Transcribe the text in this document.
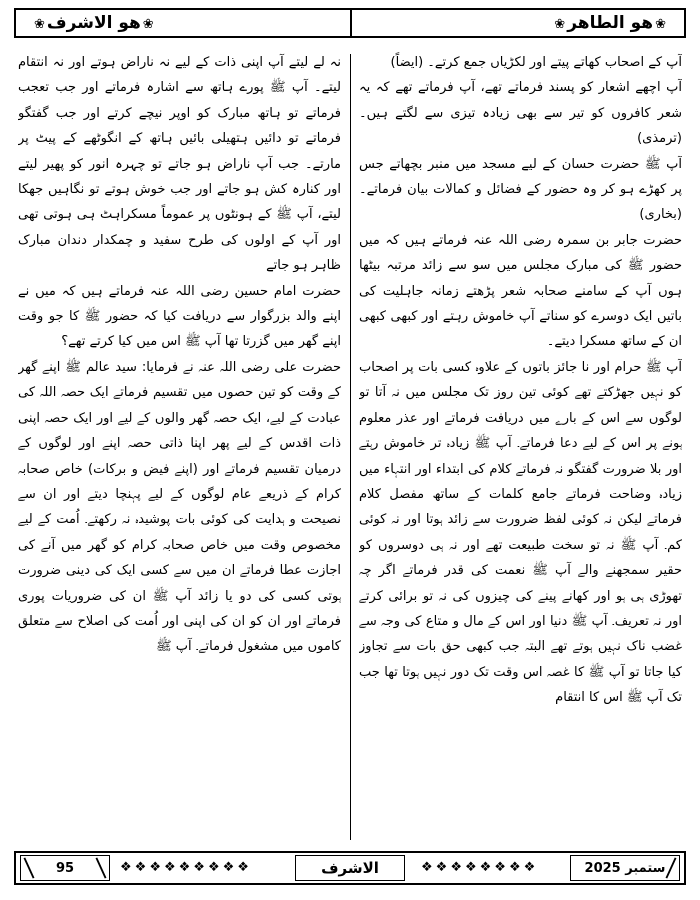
❀هو الطاهر❀
❀هو الاشرف❀

آپ کے اصحاب کھاتے پیتے اور لکڑیاں جمع کرتے۔ (ایضاً)

آپ اچھے اشعار کو پسند فرماتے تھے، آپ فرماتے تھے کہ یہ شعر کافروں کو تیر سے بھی زیادہ تیزی سے لگتے ہیں۔ (ترمذی)

آپ ﷺ حضرت حسان کے لیے مسجد میں منبر بچھاتے جس پر کھڑے ہو کر وہ حضور کے فضائل و کمالات بیان فرماتے۔ (بخاری)

حضرت جابر بن سمرہ رضی اللہ عنہ فرماتے ہیں کہ میں حضور ﷺ کی مبارک مجلس میں سو سے زائد مرتبہ بیٹھا ہوں آپ کے سامنے صحابہ شعر پڑھتے زمانہ جاہلیت کی باتیں ایک دوسرے کو سناتے آپ خاموش رہتے اور کبھی کبھی ان کے ساتھ مسکرا دیتے۔

آپ ﷺ حرام اور نا جائز باتوں کے علاوہ کسی بات پر اصحاب کو نہیں جھڑکتے تھے کوئی تین روز تک مجلس میں نہ آتا تو لوگوں سے اس کے بارے میں دریافت فرماتے اور عذر معلوم ہونے پر اس کے لیے دعا فرماتے۔ آپ ﷺ زیادہ تر خاموش رہتے اور بلا ضرورت گفتگو نہ فرماتے کلام کی ابتداء اور انتہاء میں زیادہ وضاحت فرماتے جامع کلمات کے ساتھ مفصل کلام فرماتے لیکن نہ کوئی لفظ ضرورت سے زائد ہوتا اور نہ کوئی کم۔ آپ ﷺ نہ تو سخت طبیعت تھے اور نہ ہی دوسروں کو حقیر سمجھنے والے آپ ﷺ نعمت کی قدر فرماتے اگر چہ تھوڑی ہی ہو اور کھانے پینے کی چیزوں کی نہ تو برائی کرتے اور نہ تعریف۔ آپ ﷺ دنیا اور اس کے مال و متاع کی وجہ سے غضب ناک نہیں ہوتے تھے البتہ جب کبھی حق بات سے تجاوز کیا جاتا تو آپ ﷺ کا غصہ اس وقت تک دور نہیں ہوتا تھا جب تک آپ ﷺ اس کا انتقام

نہ لے لیتے آپ اپنی ذات کے لیے نہ ناراض ہوتے اور نہ انتقام لیتے۔ آپ ﷺ پورے ہاتھ سے اشارہ فرماتے اور جب تعجب فرماتے تو ہاتھ مبارک کو اوپر نیچے کرتے اور جب گفتگو فرماتے تو دائیں ہتھیلی بائیں ہاتھ کے انگوٹھے کے پیٹ پر مارتے۔ جب آپ ناراض ہو جاتے تو چہرہ انور کو پھیر لیتے اور کنارہ کش ہو جاتے اور جب خوش ہوتے تو نگاہیں جھکا لیتے، آپ ﷺ کے ہونٹوں پر عموماً مسکراہٹ ہی ہوتی تھی اور آپ کے اولوں کی طرح سفید و چمکدار دندان مبارک ظاہر ہو جاتے

حضرت امام حسین رضی اللہ عنہ فرماتے ہیں کہ میں نے اپنے والد بزرگوار سے دریافت کیا کہ حضور ﷺ کا جو وقت اپنے گھر میں گزرتا تھا آپ ﷺ اس میں کیا کرتے تھے؟

حضرت علی رضی اللہ عنہ نے فرمایا: سید عالم ﷺ اپنے گھر کے وقت کو تین حصوں میں تقسیم فرماتے ایک حصہ اللہ کی عبادت کے لیے، ایک حصہ گھر والوں کے لیے اور ایک حصہ اپنی ذات اقدس کے لیے پھر اپنا ذاتی حصہ اپنے اور لوگوں کے درمیان تقسیم فرماتے اور (اپنے فیض و برکات) خاص صحابہ کرام کے ذریعے عام لوگوں کے لیے پہنچا دیتے اور ان سے نصیحت و ہدایت کی کوئی بات پوشیدہ نہ رکھتے۔ اُمت کے لیے مخصوص وقت میں خاص صحابہ کرام کو گھر میں آنے کی اجازت عطا فرماتے ان میں سے کسی ایک کی دینی ضرورت ہوتی کسی کی دو یا زائد آپ ﷺ ان کی ضروریات پوری فرماتے اور ان کو ان کی اپنی اور اُمت کی اصلاح سے متعلق کاموں میں مشغول فرماتے۔ آپ ﷺ

95	❖ ❖ ❖ ❖ ❖ ❖ ❖ ❖ ❖	الاشرف	❖ ❖ ❖ ❖ ❖ ❖ ❖ ❖	ستمبر 2025
